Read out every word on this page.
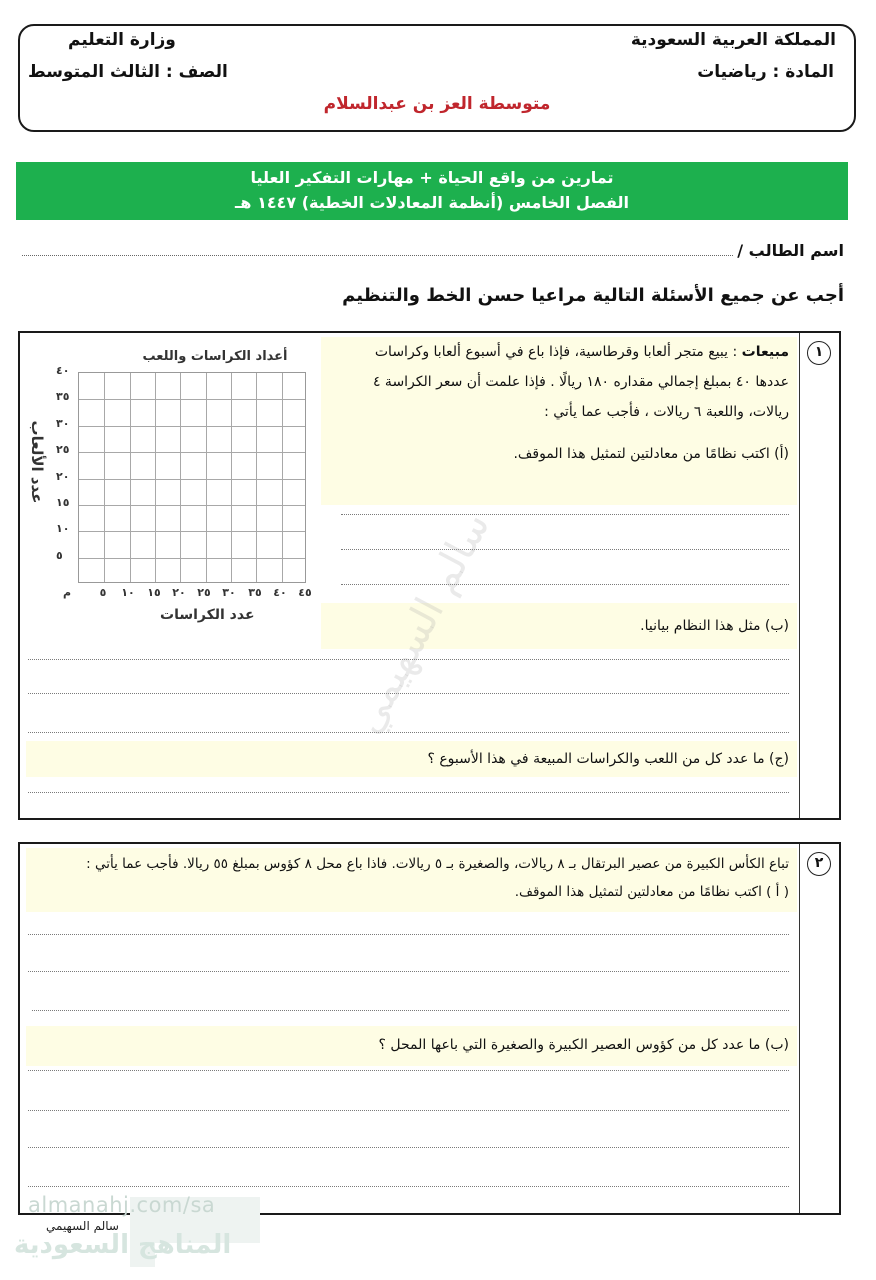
المملكة العربية السعودية
وزارة التعليم
المادة : رياضيات
الصف : الثالث المتوسط
متوسطة العز بن عبدالسلام
تمارين من واقع الحياة + مهارات التفكير العليا
الفصل الخامس (أنظمة المعادلات الخطية) ١٤٤٧ هـ
اسم الطالب /
أجب عن جميع الأسئلة التالية مراعيا حسن الخط والتنظيم
١
مبيعات : يبيع متجر ألعابا وقرطاسية، فإذا باع في أسبوع ألعابا وكراسات
عددها ٤٠ بمبلغ إجمالي مقداره ١٨٠ ريالًا . فإذا علمت أن سعر الكراسة ٤
ريالات، واللعبة ٦ ريالات ، فأجب عما يأتي :
(أ) اكتب نظامًا من معادلتين لتمثيل هذا الموقف.
(ب) مثل هذا النظام بيانيا.
(ج) ما عدد كل من اللعب والكراسات المبيعة في هذا الأسبوع ؟
أعداد الكراسات واللعب
٤٠
٣٥
٣٠
٢٥
٢٠
١٥
١٠
٥
م	٥	١٠	١٥	٢٠	٢٥	٣٠	٣٥	٤٠	٤٥
عدد الألعاب
عدد الكراسات سالم السهيمي
٢
تباع الكأس الكبيرة من عصير البرتقال بـ ٨ ريالات، والصغيرة بـ ٥ ريالات. فاذا باع محل ٨ كؤوس بمبلغ ٥٥ ريالا. فأجب عما يأتي :
( أ ) اكتب نظامًا من معادلتين لتمثيل هذا الموقف.
(ب) ما عدد كل من كؤوس العصير الكبيرة والصغيرة التي باعها المحل ؟
almanahj.com/sa
سالم السهيمي
المناهج السعودية
